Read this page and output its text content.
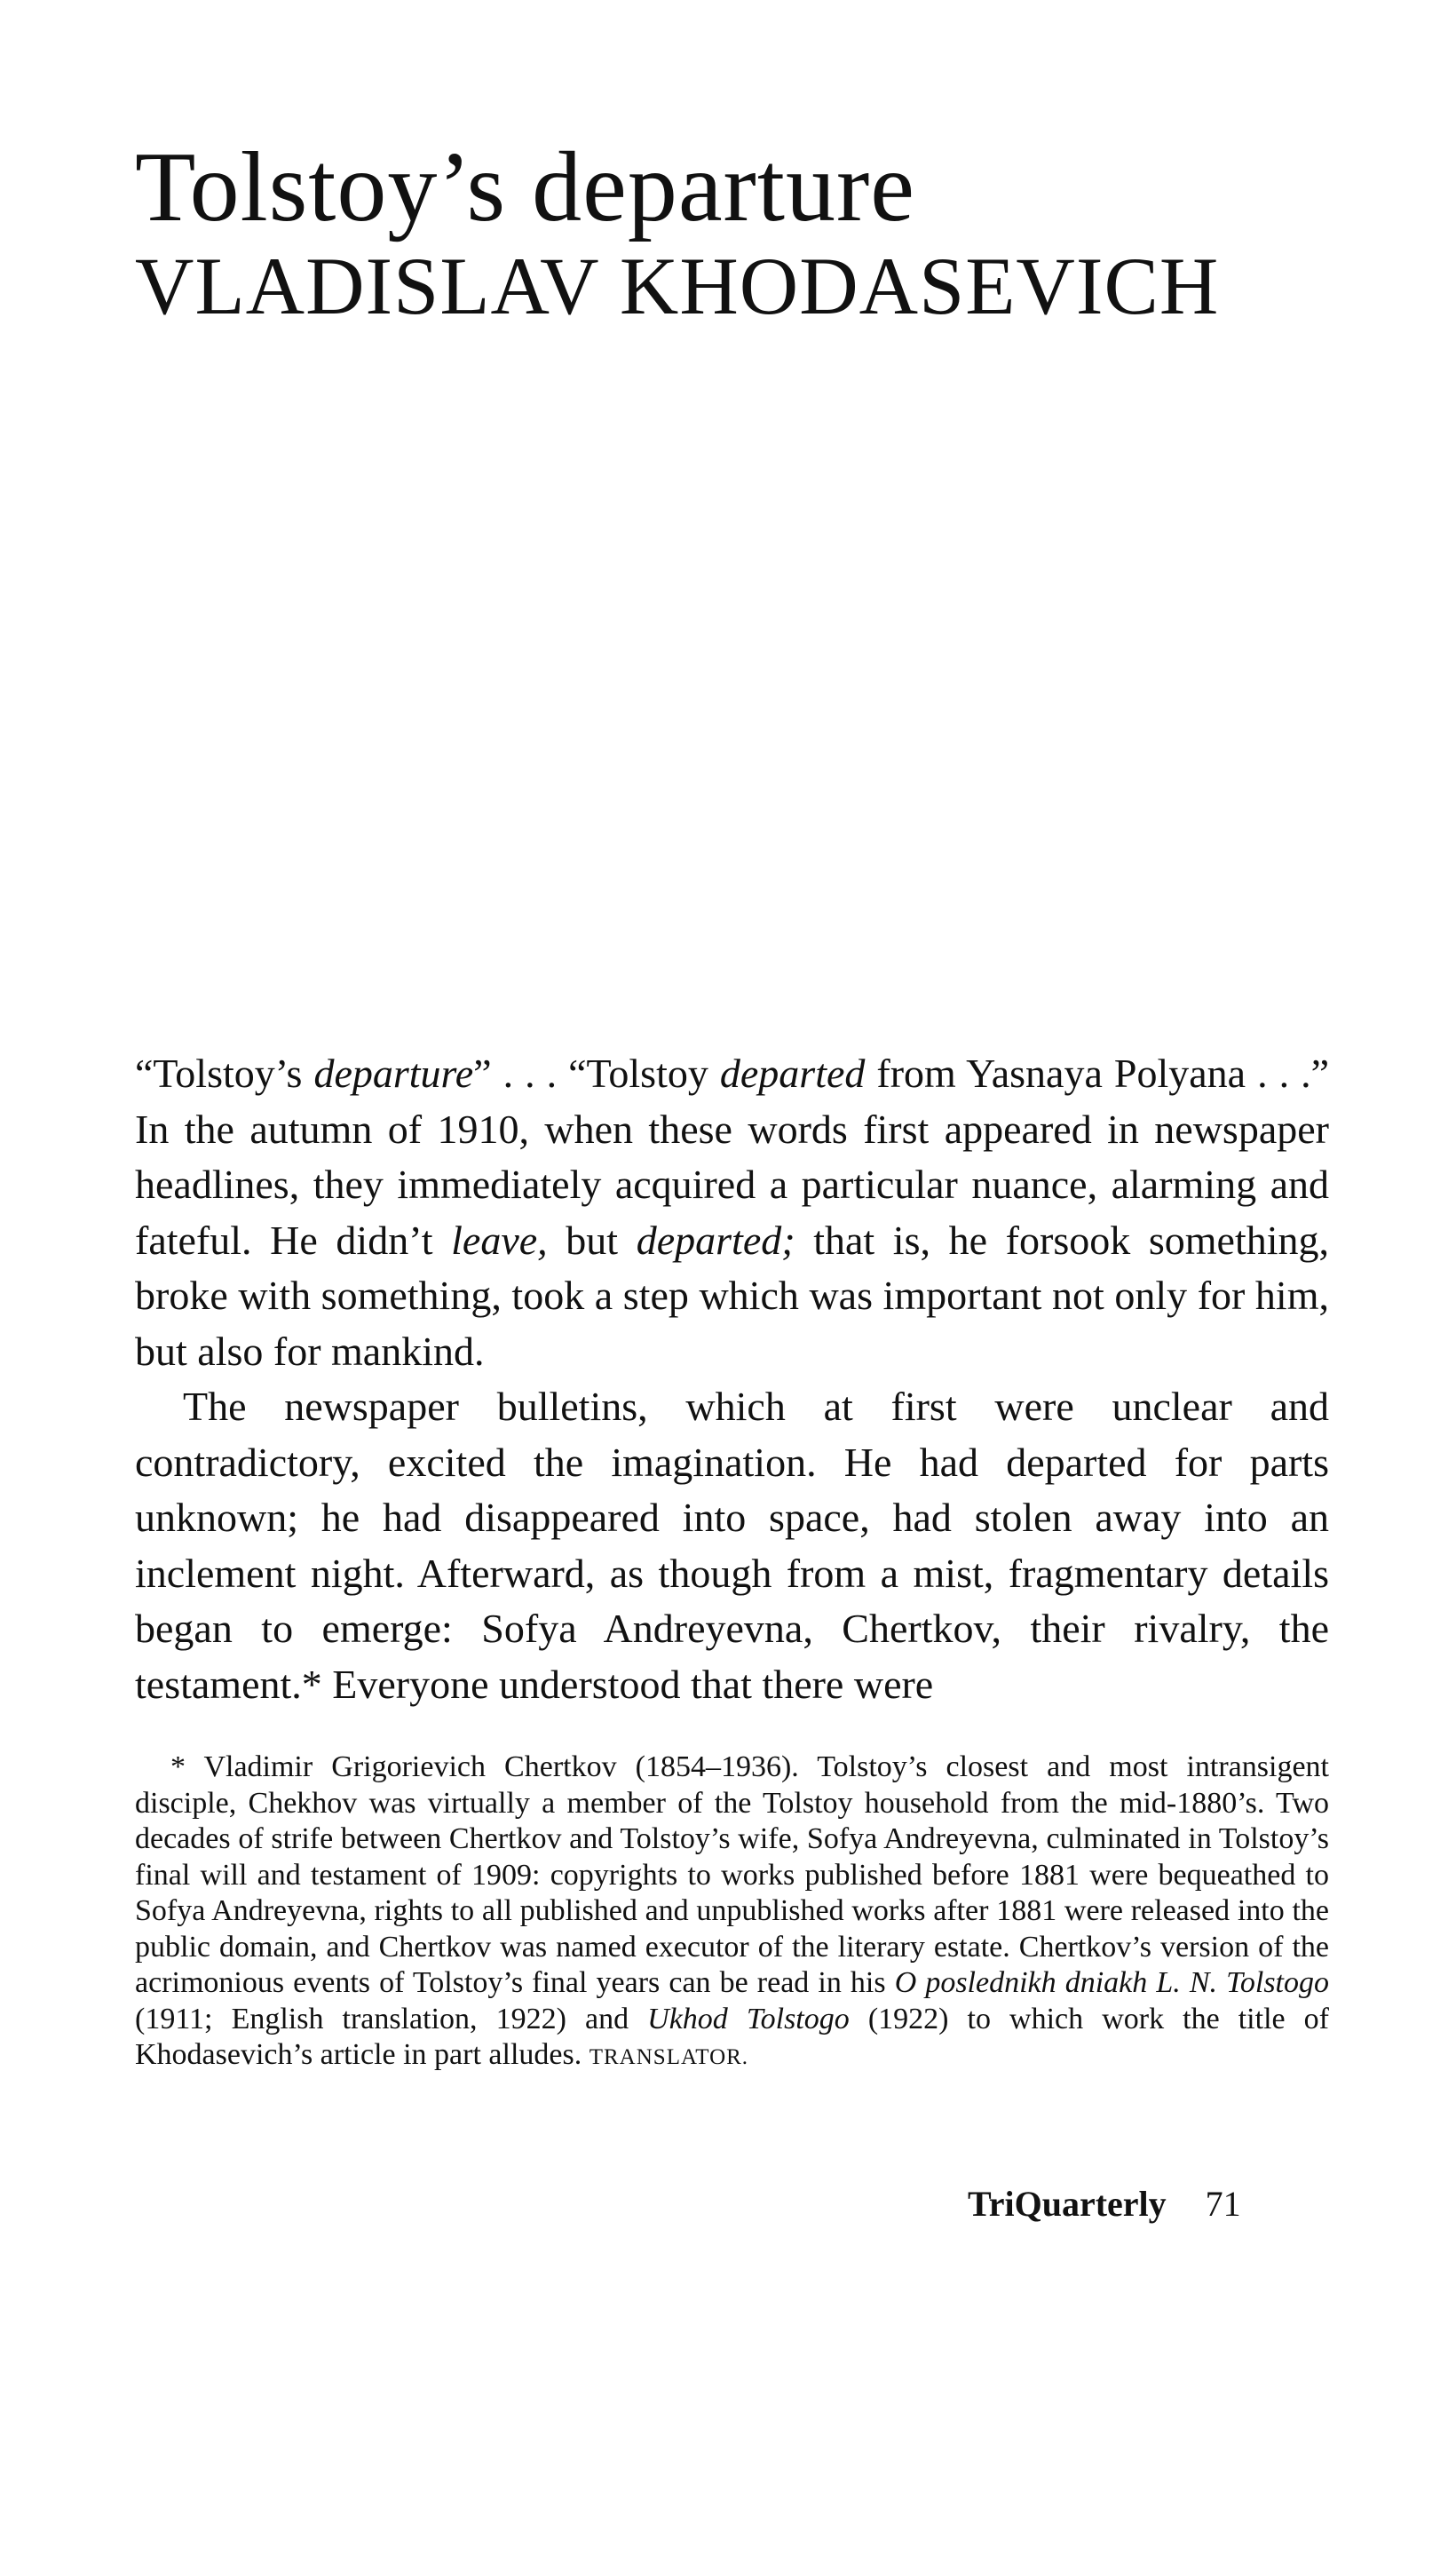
Tolstoy’s departure
VLADISLAV KHODASEVICH

“Tolstoy’s departure” . . . “Tolstoy departed from Yasnaya Polyana . . .” In the autumn of 1910, when these words first appeared in newspaper headlines, they immediately acquired a particular nuance, alarming and fateful. He didn’t leave, but departed; that is, he forsook something, broke with something, took a step which was important not only for him, but also for mankind.

The newspaper bulletins, which at first were unclear and contradictory, excited the imagination. He had departed for parts unknown; he had disappeared into space, had stolen away into an inclement night. Afterward, as though from a mist, fragmentary details began to emerge: Sofya Andreyevna, Chertkov, their rivalry, the testament.* Everyone understood that there were

* Vladimir Grigorievich Chertkov (1854–1936). Tolstoy’s closest and most intransigent disciple, Chekhov was virtually a member of the Tolstoy household from the mid-1880’s. Two decades of strife between Chertkov and Tolstoy’s wife, Sofya Andreyevna, culminated in Tolstoy’s final will and testament of 1909: copyrights to works published before 1881 were bequeathed to Sofya Andreyevna, rights to all published and unpublished works after 1881 were released into the public domain, and Chertkov was named executor of the literary estate. Chertkov’s version of the acrimonious events of Tolstoy’s final years can be read in his O poslednikh dniakh L. N. Tolstogo (1911; English translation, 1922) and Ukhod Tolstogo (1922) to which work the title of Khodasevich’s article in part alludes. TRANSLATOR.

TriQuarterly 71
